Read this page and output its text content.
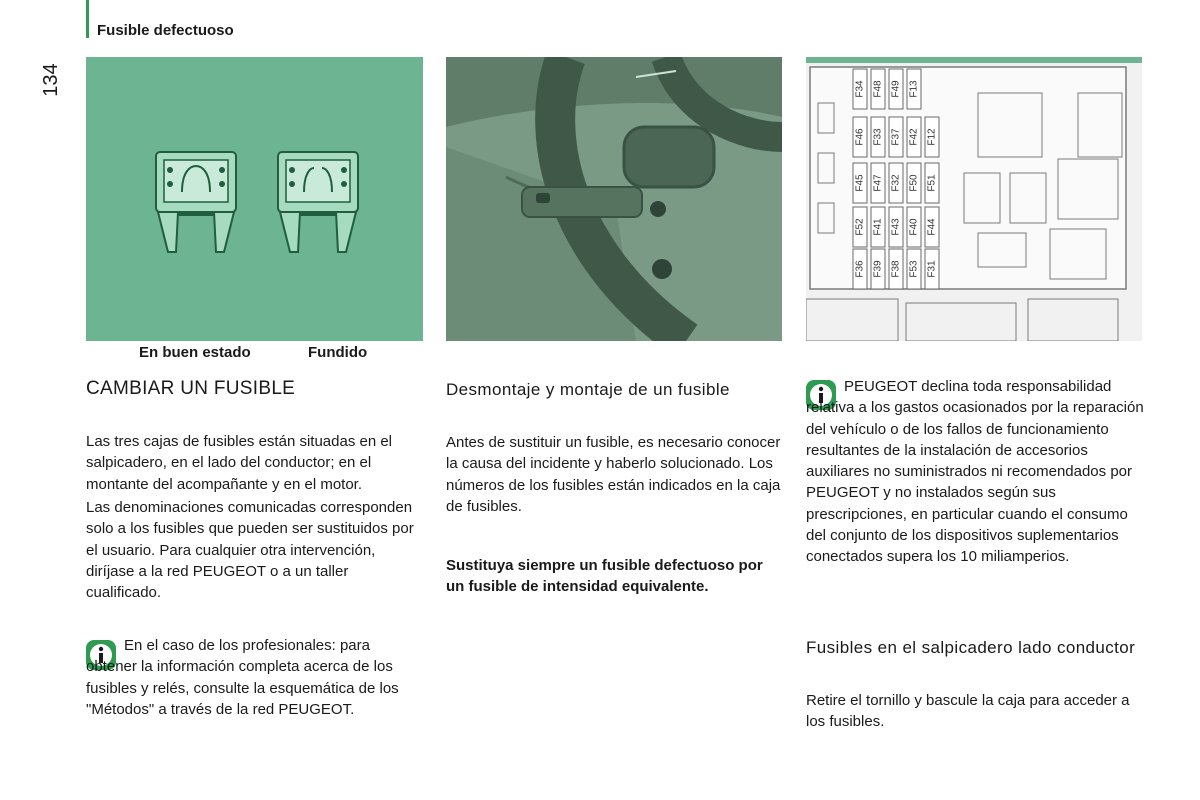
134
Fusible defectuoso
En buen estado	Fundido
F34 F48 F49 F13
F46 F33 F37 F42 F12
F45 F47 F32 F50 F51
F52 F41 F43 F40 F44
F36 F39 F38 F53 F31
CAMBIAR UN FUSIBLE

Las tres cajas de fusibles están situadas en el salpicadero, en el lado del conductor; en el montante del acompañante y en el motor.

Las denominaciones comunicadas corresponden solo a los fusibles que pueden ser sustituidos por el usuario. Para cualquier otra intervención, diríjase a la red PEUGEOT o a un taller cualificado.

En el caso de los profesionales: para obtener la información completa acerca de los fusibles y relés, consulte la esquemática de los "Métodos" a través de la red PEUGEOT.

Desmontaje y montaje de un fusible

Antes de sustituir un fusible, es necesario conocer la causa del incidente y haberlo solucionado. Los números de los fusibles están indicados en la caja de fusibles.

Sustituya siempre un fusible defectuoso por un fusible de intensidad equivalente.

PEUGEOT declina toda responsabilidad relativa a los gastos ocasionados por la reparación del vehículo o de los fallos de funcionamiento resultantes de la instalación de accesorios auxiliares no suministrados ni recomendados por PEUGEOT y no instalados según sus prescripciones, en particular cuando el consumo del conjunto de los dispositivos suplementarios conectados supera los 10 miliamperios.

Fusibles en el salpicadero lado conductor

Retire el tornillo y bascule la caja para acceder a los fusibles.
